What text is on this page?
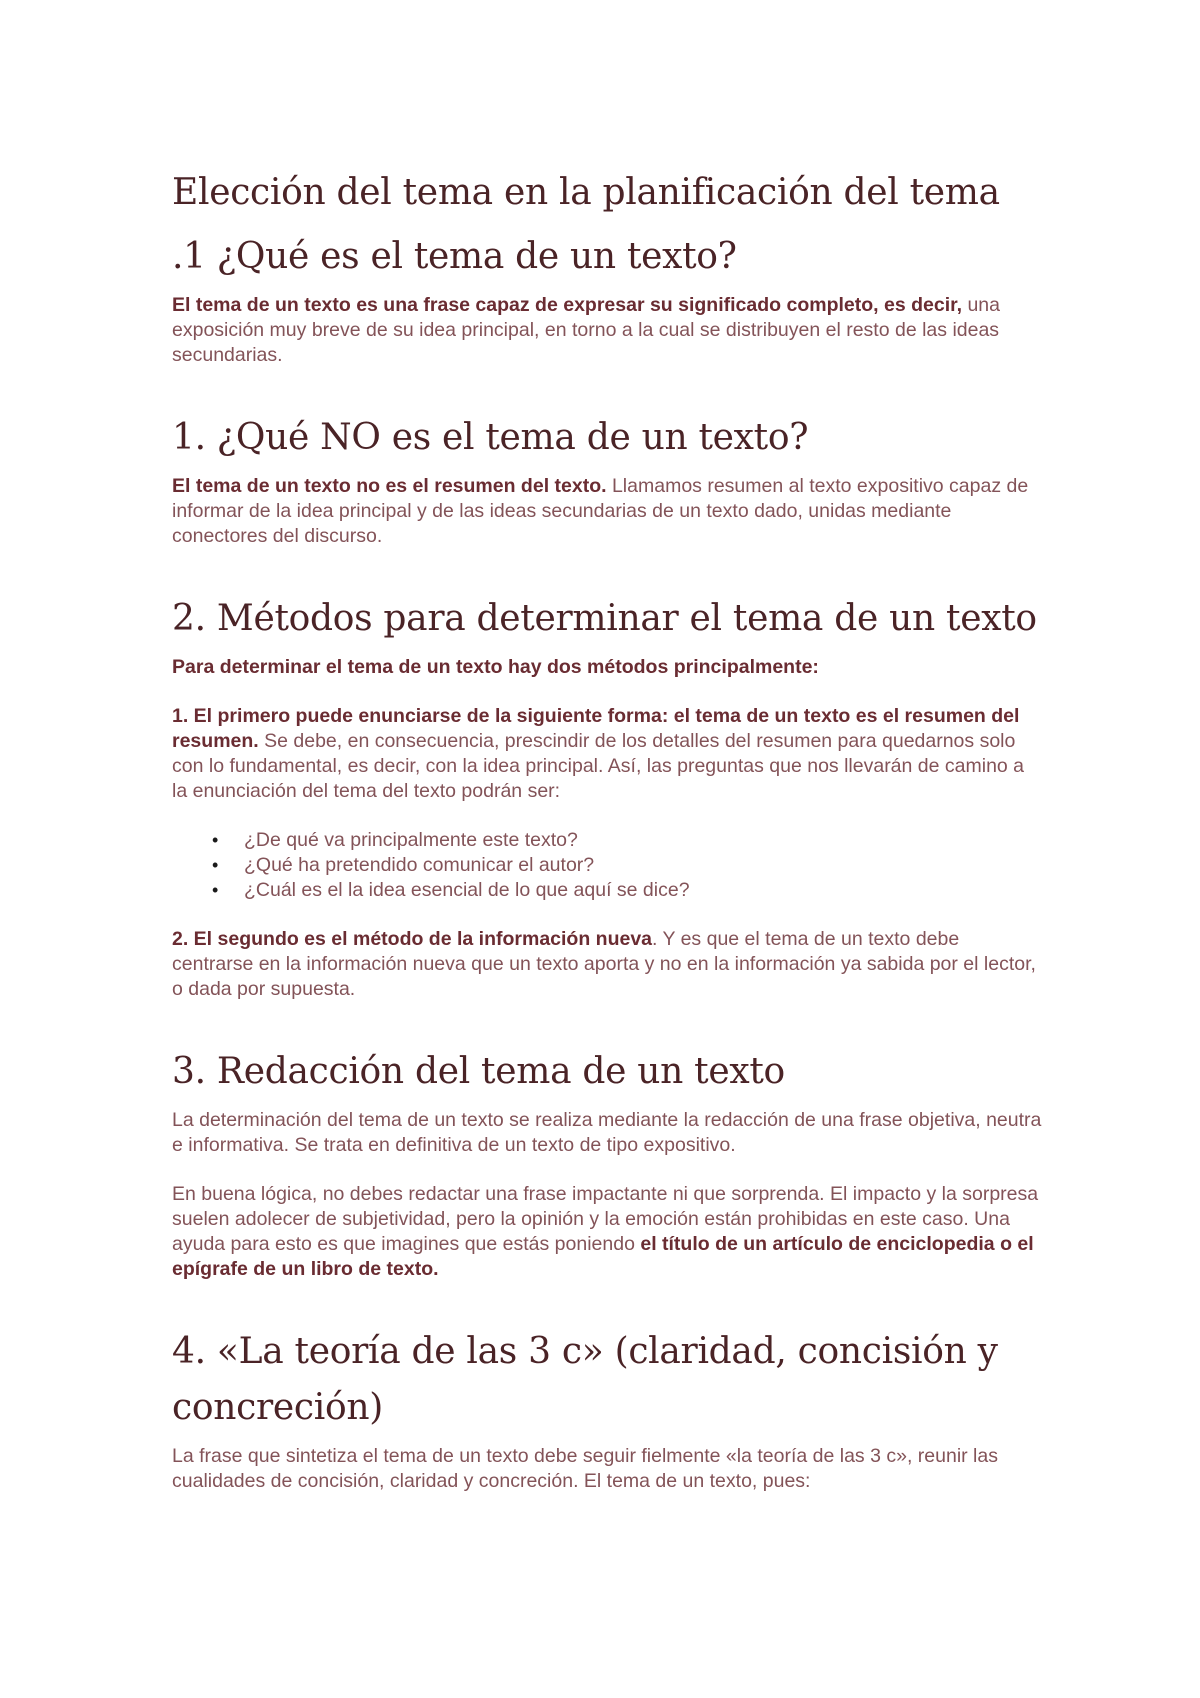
Elección del tema en la planificación del tema
.1 ¿Qué es el tema de un texto?

El tema de un texto es una frase capaz de expresar su significado completo, es decir, una exposición muy breve de su idea principal, en torno a la cual se distribuyen el resto de las ideas secundarias.

1. ¿Qué NO es el tema de un texto?

El tema de un texto no es el resumen del texto. Llamamos resumen al texto expositivo capaz de informar de la idea principal y de las ideas secundarias de un texto dado, unidas mediante conectores del discurso.

2. Métodos para determinar el tema de un texto

Para determinar el tema de un texto hay dos métodos principalmente:

1. El primero puede enunciarse de la siguiente forma: el tema de un texto es el resumen del resumen. Se debe, en consecuencia, prescindir de los detalles del resumen para quedarnos solo con lo fundamental, es decir, con la idea principal. Así, las preguntas que nos llevarán de camino a la enunciación del tema del texto podrán ser:

• ¿De qué va principalmente este texto?
• ¿Qué ha pretendido comunicar el autor?
• ¿Cuál es el la idea esencial de lo que aquí se dice?

2. El segundo es el método de la información nueva. Y es que el tema de un texto debe centrarse en la información nueva que un texto aporta y no en la información ya sabida por el lector, o dada por supuesta.

3. Redacción del tema de un texto

La determinación del tema de un texto se realiza mediante la redacción de una frase objetiva, neutra e informativa. Se trata en definitiva de un texto de tipo expositivo.

En buena lógica, no debes redactar una frase impactante ni que sorprenda. El impacto y la sorpresa suelen adolecer de subjetividad, pero la opinión y la emoción están prohibidas en este caso. Una ayuda para esto es que imagines que estás poniendo el título de un artículo de enciclopedia o el epígrafe de un libro de texto.

4. «La teoría de las 3 c» (claridad, concisión y concreción)

La frase que sintetiza el tema de un texto debe seguir fielmente «la teoría de las 3 c», reunir las cualidades de concisión, claridad y concreción. El tema de un texto, pues:
